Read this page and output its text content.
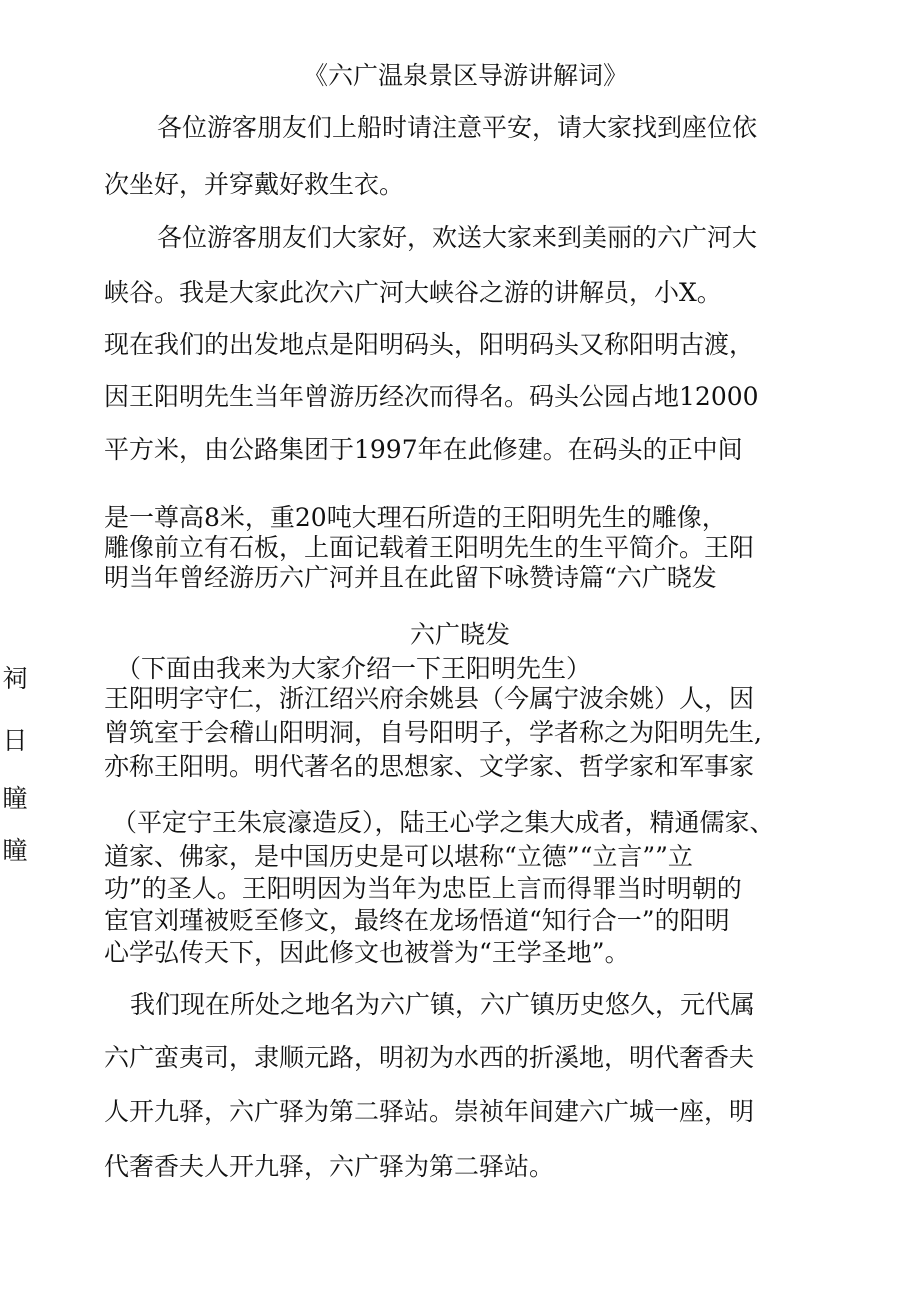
《六广温泉景区导游讲解词》

各位游客朋友们上船时请注意平安，请大家找到座位依

次坐好，并穿戴好救生衣。

各位游客朋友们大家好，欢送大家来到美丽的六广河大

峡谷。我是大家此次六广河大峡谷之游的讲解员，小X。

现在我们的出发地点是阳明码头，阳明码头又称阳明古渡，

因王阳明先生当年曾游历经次而得名。码头公园占地12000

平方米，由公路集团于1997年在此修建。在码头的正中间

是一尊高8米，重20吨大理石所造的王阳明先生的雕像，

雕像前立有石板，上面记载着王阳明先生的生平简介。王阳

明当年曾经游历六广河并且在此留下咏赞诗篇“六广晓发

六广晓发

（下面由我来为大家介绍一下王阳明先生）

王阳明字守仁，浙江绍兴府余姚县（今属宁波余姚）人，因

曾筑室于会稽山阳明洞，自号阳明子，学者称之为阳明先生,

亦称王阳明。明代著名的思想家、文学家、哲学家和军事家

（平定宁王朱宸濠造反），陆王心学之集大成者，精通儒家、

道家、佛家，是中国历史是可以堪称“立德”“立言””立

功”的圣人。王阳明因为当年为忠臣上言而得罪当时明朝的

宦官刘瑾被贬至修文，最终在龙场悟道“知行合一”的阳明

心学弘传天下，因此修文也被誉为“王学圣地”。

我们现在所处之地名为六广镇，六广镇历史悠久，元代属

六广蛮夷司，隶顺元路，明初为水西的折溪地，明代奢香夫

人开九驿，六广驿为第二驿站。崇祯年间建六广城一座，明

代奢香夫人开九驿，六广驿为第二驿站。

祠
日
瞳
瞳
